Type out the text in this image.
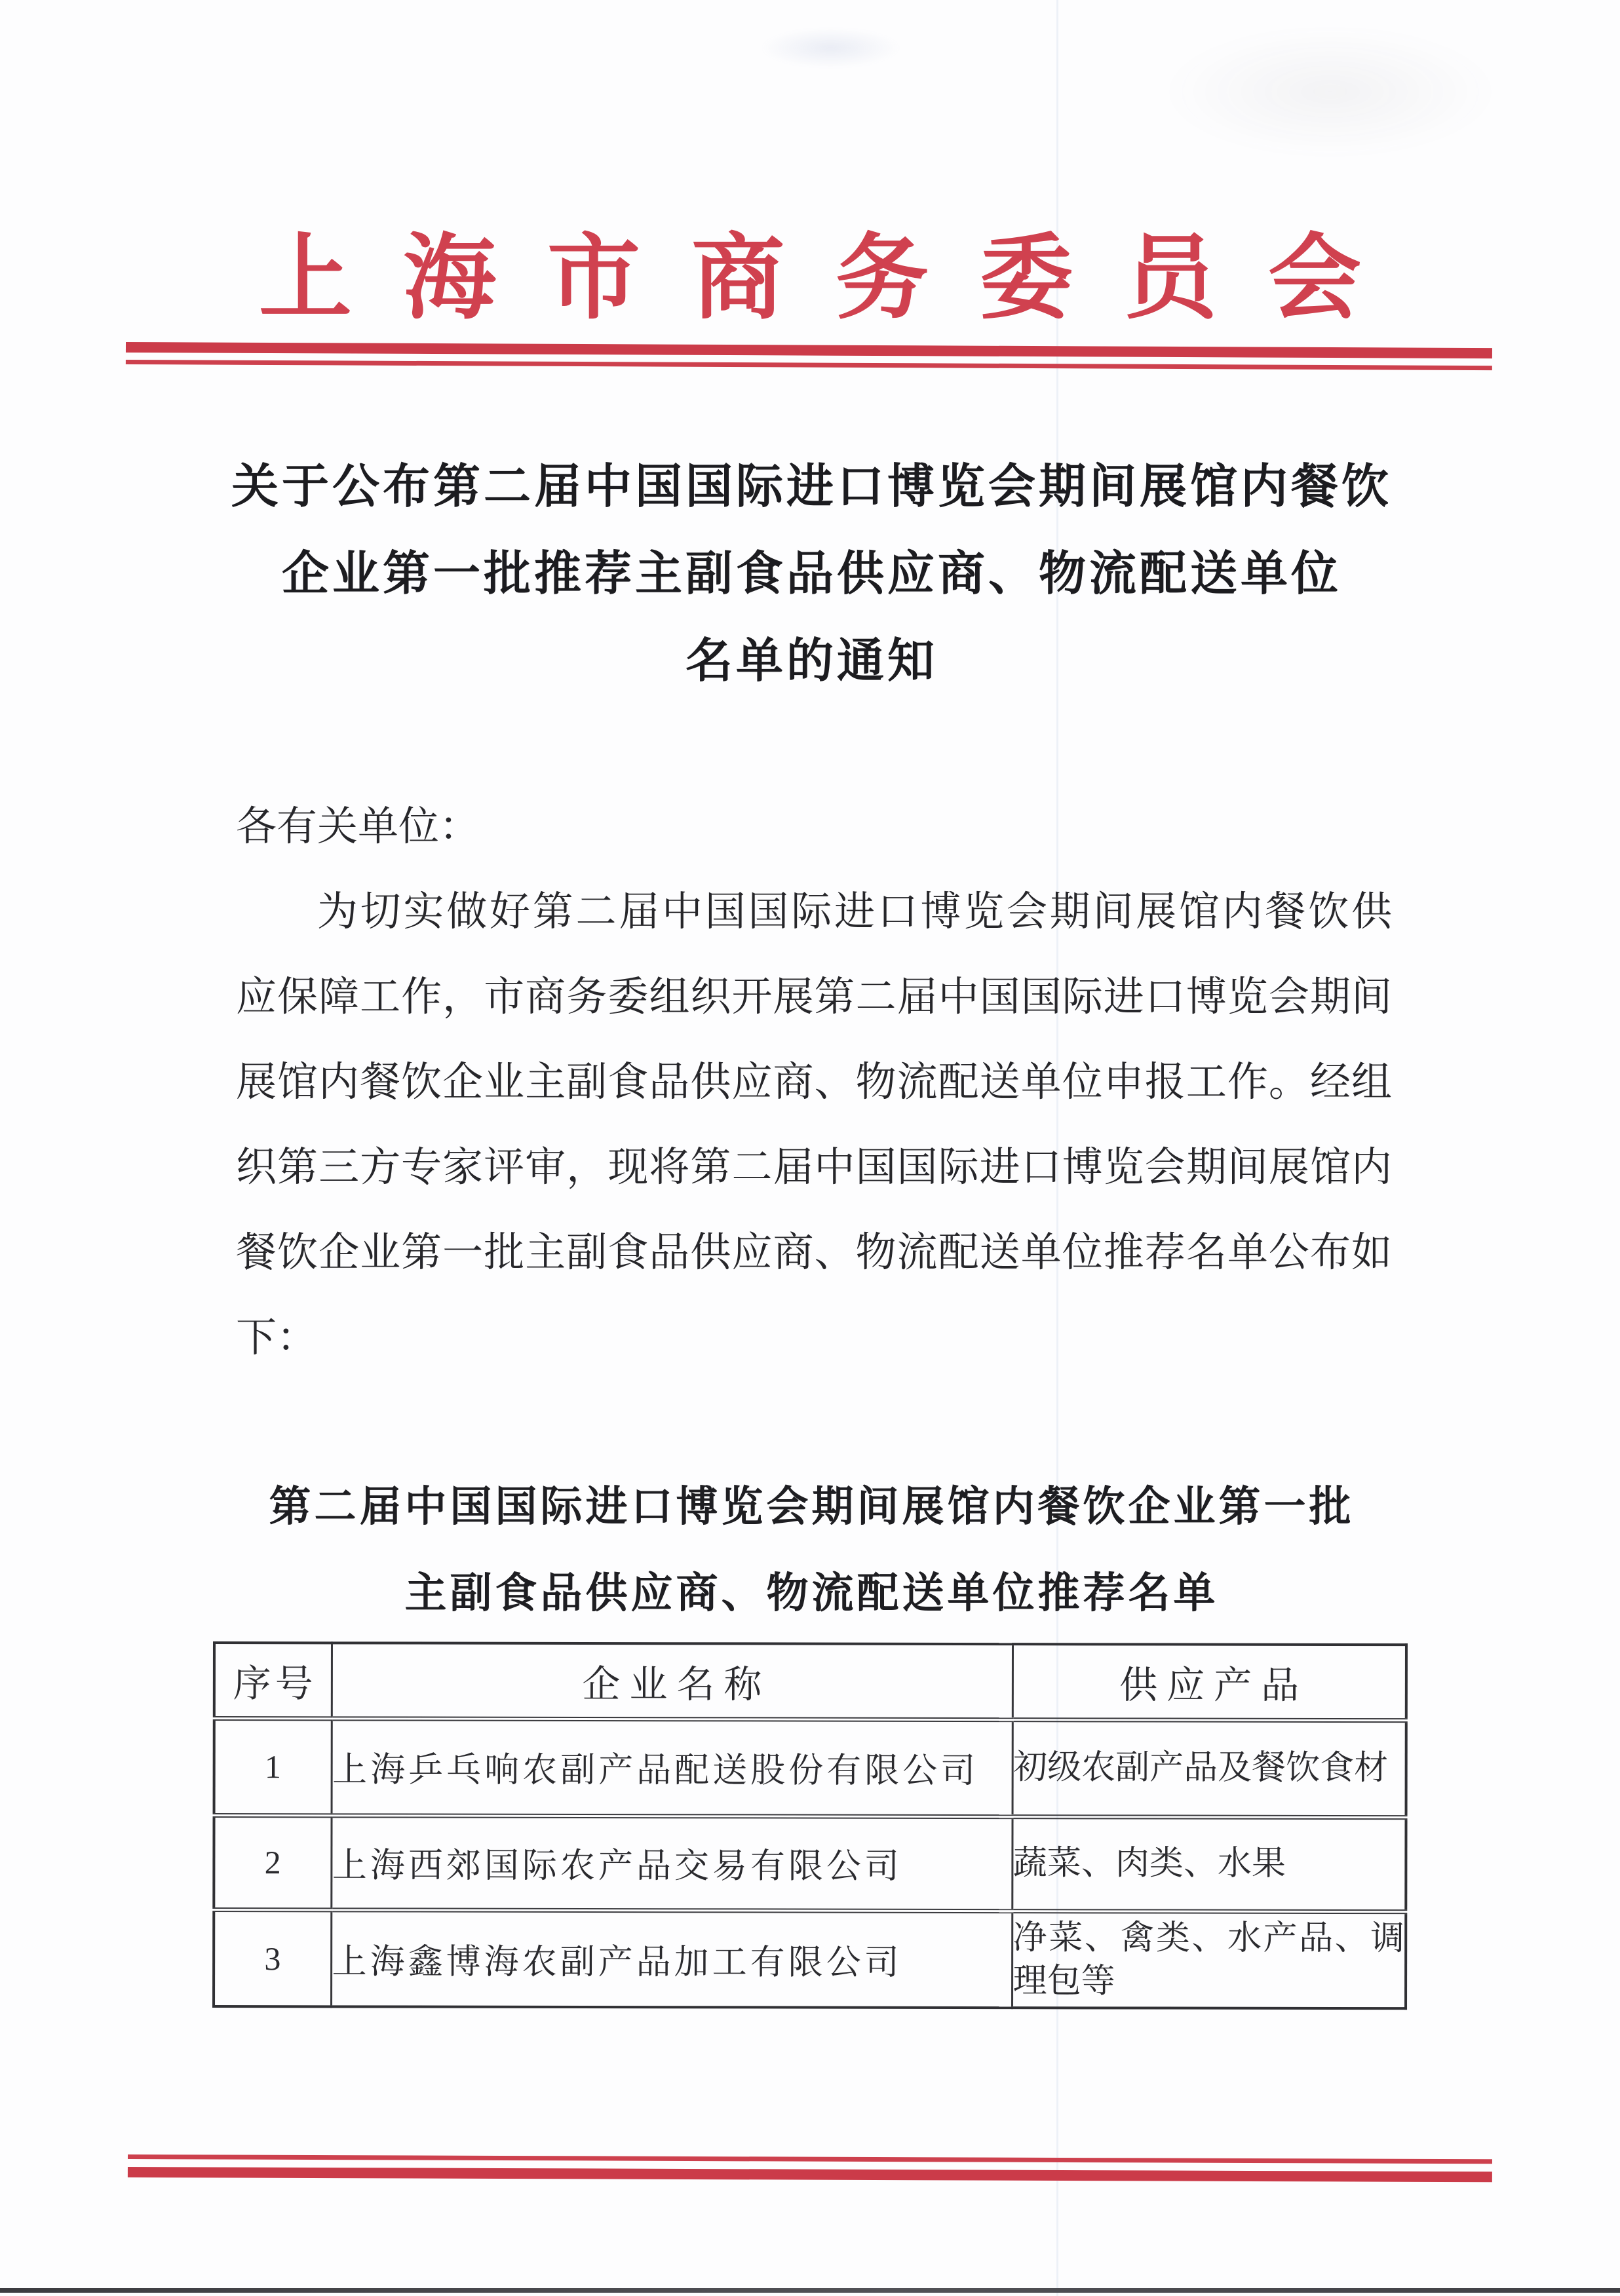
上海市商务委员会
关于公布第二届中国国际进口博览会期间展馆内餐饮
企业第一批推荐主副食品供应商、物流配送单位
名单的通知
各有关单位：
为切实做好第二届中国国际进口博览会期间展馆内餐饮供
应保障工作，市商务委组织开展第二届中国国际进口博览会期间
展馆内餐饮企业主副食品供应商、物流配送单位申报工作。经组
织第三方专家评审，现将第二届中国国际进口博览会期间展馆内
餐饮企业第一批主副食品供应商、物流配送单位推荐名单公布如
下：
第二届中国国际进口博览会期间展馆内餐饮企业第一批
主副食品供应商、物流配送单位推荐名单
序号	企业名称	供应产品
1	上海乒乓响农副产品配送股份有限公司	初级农副产品及餐饮食材
2	上海西郊国际农产品交易有限公司	蔬菜、肉类、水果
3	上海鑫博海农副产品加工有限公司	净菜、禽类、水产品、调理包等
